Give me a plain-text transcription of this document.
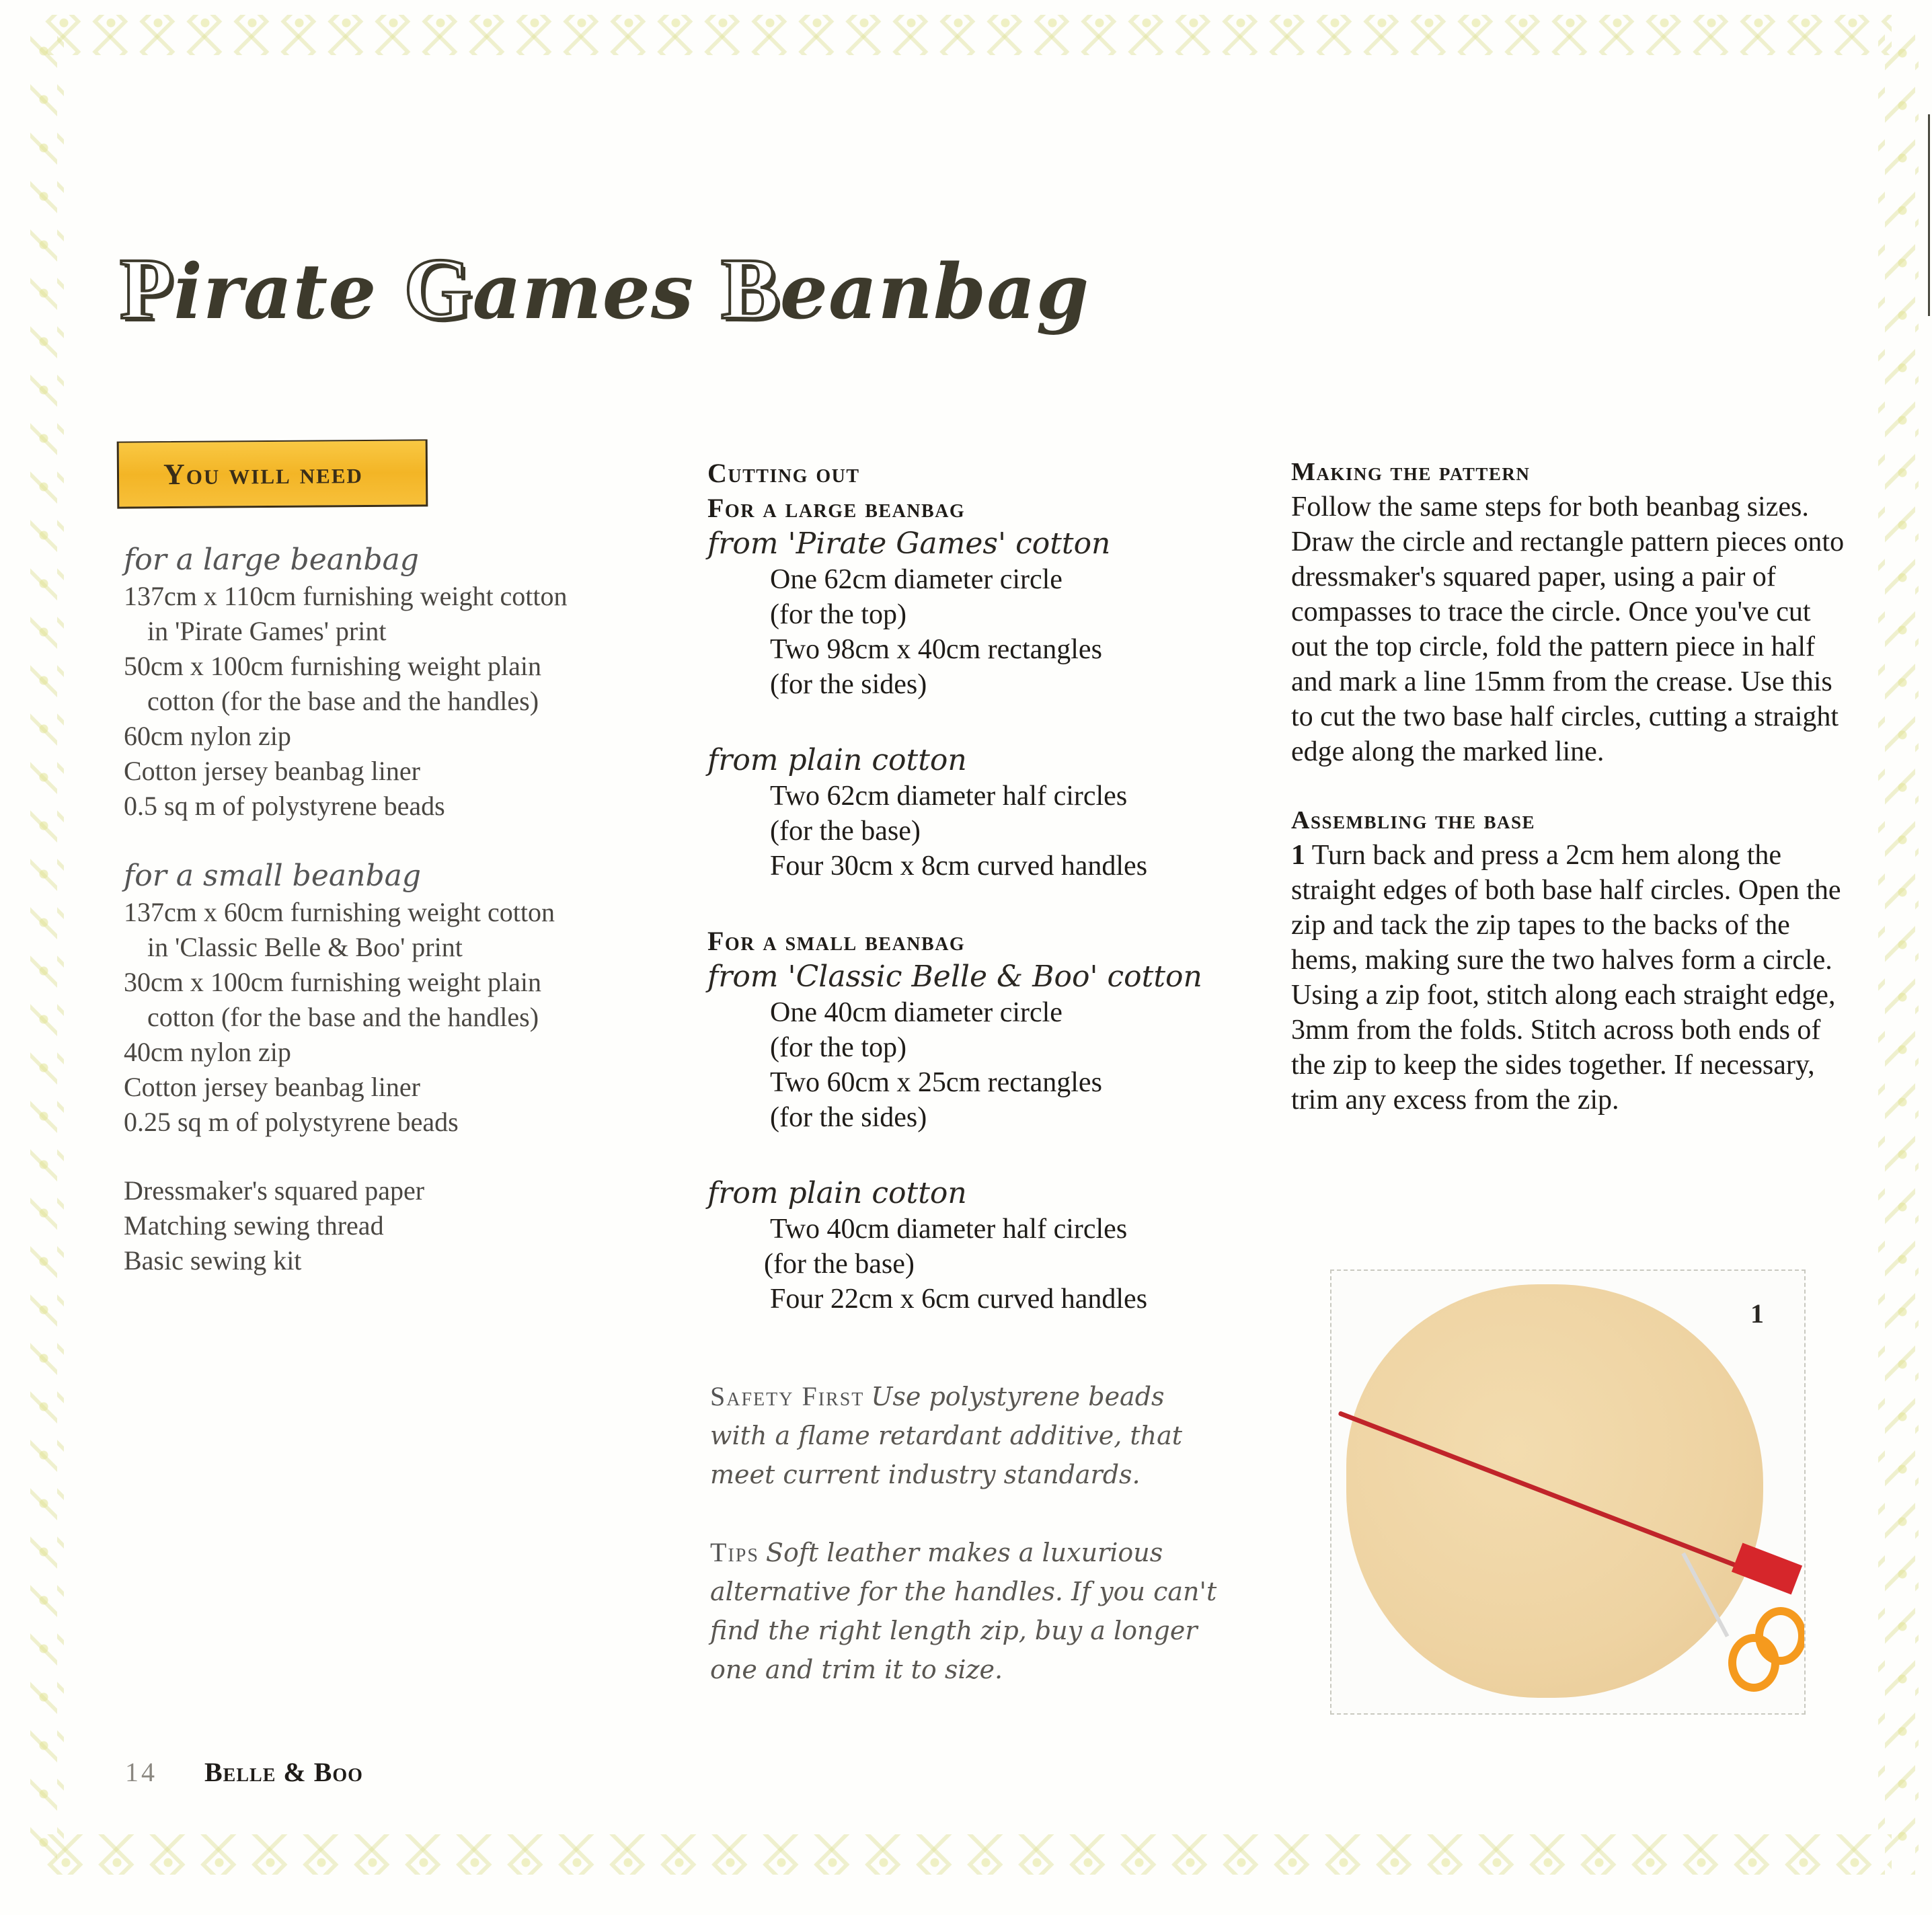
Pirate Games Beanbag
You will need
for a large beanbag
137cm x 110cm furnishing weight cotton in 'Pirate Games' print
50cm x 100cm furnishing weight plain cotton (for the base and the handles)
60cm nylon zip
Cotton jersey beanbag liner
0.5 sq m of polystyrene beads
for a small beanbag
137cm x 60cm furnishing weight cotton in 'Classic Belle & Boo' print
30cm x 100cm furnishing weight plain cotton (for the base and the handles)
40cm nylon zip
Cotton jersey beanbag liner
0.25 sq m of polystyrene beads
Dressmaker's squared paper
Matching sewing thread
Basic sewing kit
Cutting out
For a large beanbag
from 'Pirate Games' cotton
One 62cm diameter circle
(for the top)
Two 98cm x 40cm rectangles
(for the sides)
from plain cotton
Two 62cm diameter half circles
(for the base)
Four 30cm x 8cm curved handles
For a small beanbag
from 'Classic Belle & Boo' cotton
One 40cm diameter circle
(for the top)
Two 60cm x 25cm rectangles
(for the sides)
from plain cotton
Two 40cm diameter half circles
(for the base)
Four 22cm x 6cm curved handles
Safety First Use polystyrene beads with a flame retardant additive, that meet current industry standards.
Tips Soft leather makes a luxurious alternative for the handles. If you can't find the right length zip, buy a longer one and trim it to size.
Making the pattern

Follow the same steps for both beanbag sizes. Draw the circle and rectangle pattern pieces onto dressmaker's squared paper, using a pair of compasses to trace the circle. Once you've cut out the top circle, fold the pattern piece in half and mark a line 15mm from the crease. Use this to cut the two base half circles, cutting a straight edge along the marked line.

Assembling the base

1 Turn back and press a 2cm hem along the straight edges of both base half circles. Open the zip and tack the zip tapes to the backs of the hems, making sure the two halves form a circle. Using a zip foot, stitch along each straight edge, 3mm from the folds. Stitch across both ends of the zip to keep the sides together. If necessary, trim any excess from the zip.

1
14 Belle & Boo
